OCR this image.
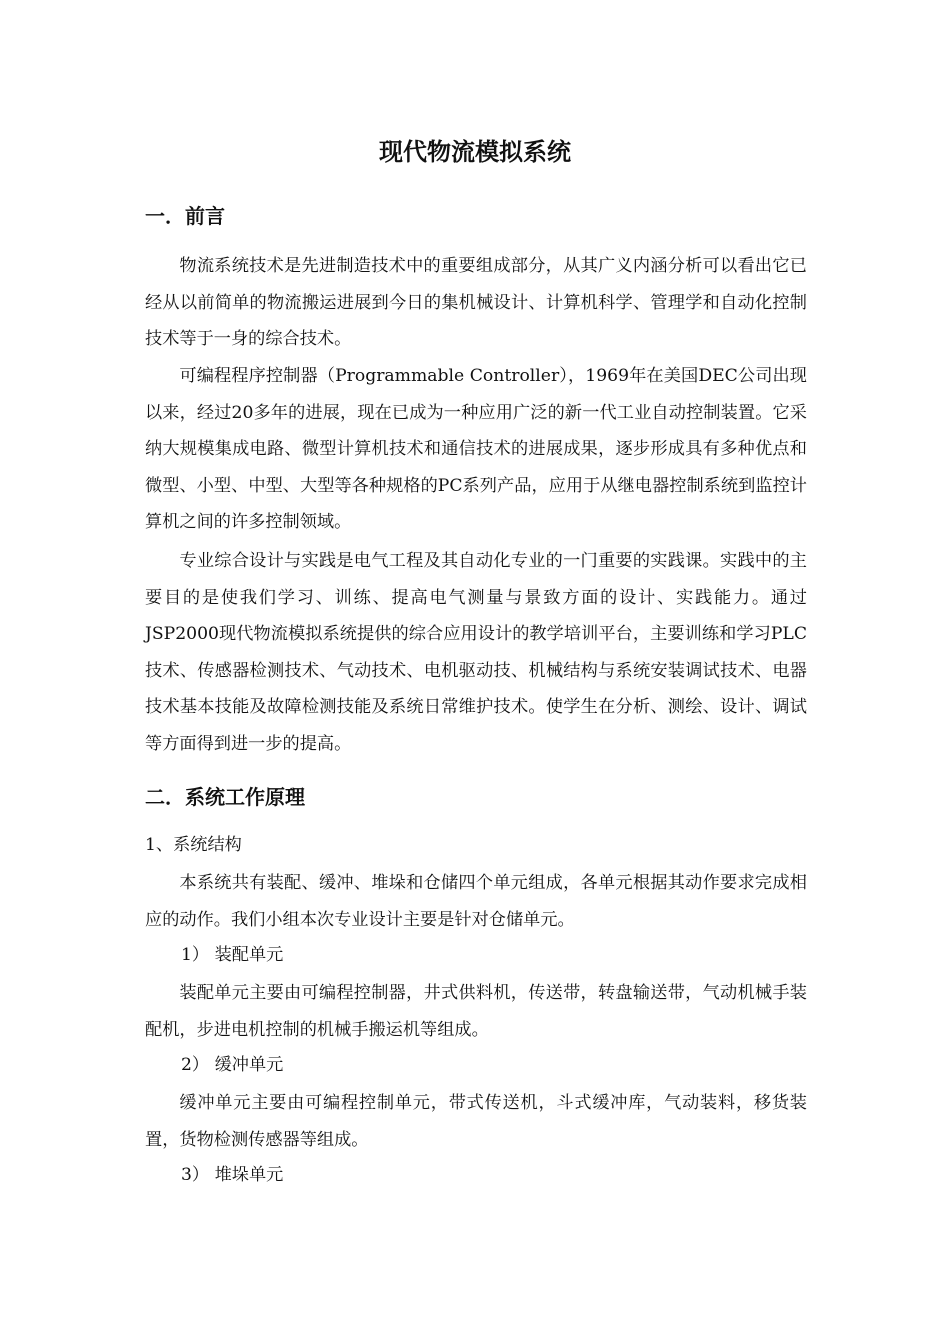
现代物流模拟系统
一．前言

物流系统技术是先进制造技术中的重要组成部分，从其广义内涵分析可以看出它已经从以前简单的物流搬运进展到今日的集机械设计、计算机科学、管理学和自动化控制技术等于一身的综合技术。

可编程程序控制器（Programmable Controller），1969年在美国DEC公司出现以来，经过20多年的进展，现在已成为一种应用广泛的新一代工业自动控制装置。它采纳大规模集成电路、微型计算机技术和通信技术的进展成果，逐步形成具有多种优点和微型、小型、中型、大型等各种规格的PC系列产品，应用于从继电器控制系统到监控计算机之间的许多控制领域。

专业综合设计与实践是电气工程及其自动化专业的一门重要的实践课。实践中的主要目的是使我们学习、训练、提高电气测量与景致方面的设计、实践能力。通过JSP2000现代物流模拟系统提供的综合应用设计的教学培训平台，主要训练和学习PLC技术、传感器检测技术、气动技术、电机驱动技、机械结构与系统安装调试技术、电器技术基本技能及故障检测技能及系统日常维护技术。使学生在分析、测绘、设计、调试等方面得到进一步的提高。

二．系统工作原理

1、系统结构

本系统共有装配、缓冲、堆垛和仓储四个单元组成，各单元根据其动作要求完成相应的动作。我们小组本次专业设计主要是针对仓储单元。

1） 装配单元

装配单元主要由可编程控制器，井式供料机，传送带，转盘输送带，气动机械手装配机，步进电机控制的机械手搬运机等组成。

2） 缓冲单元

缓冲单元主要由可编程控制单元，带式传送机，斗式缓冲库，气动装料，移货装置，货物检测传感器等组成。

3） 堆垛单元
